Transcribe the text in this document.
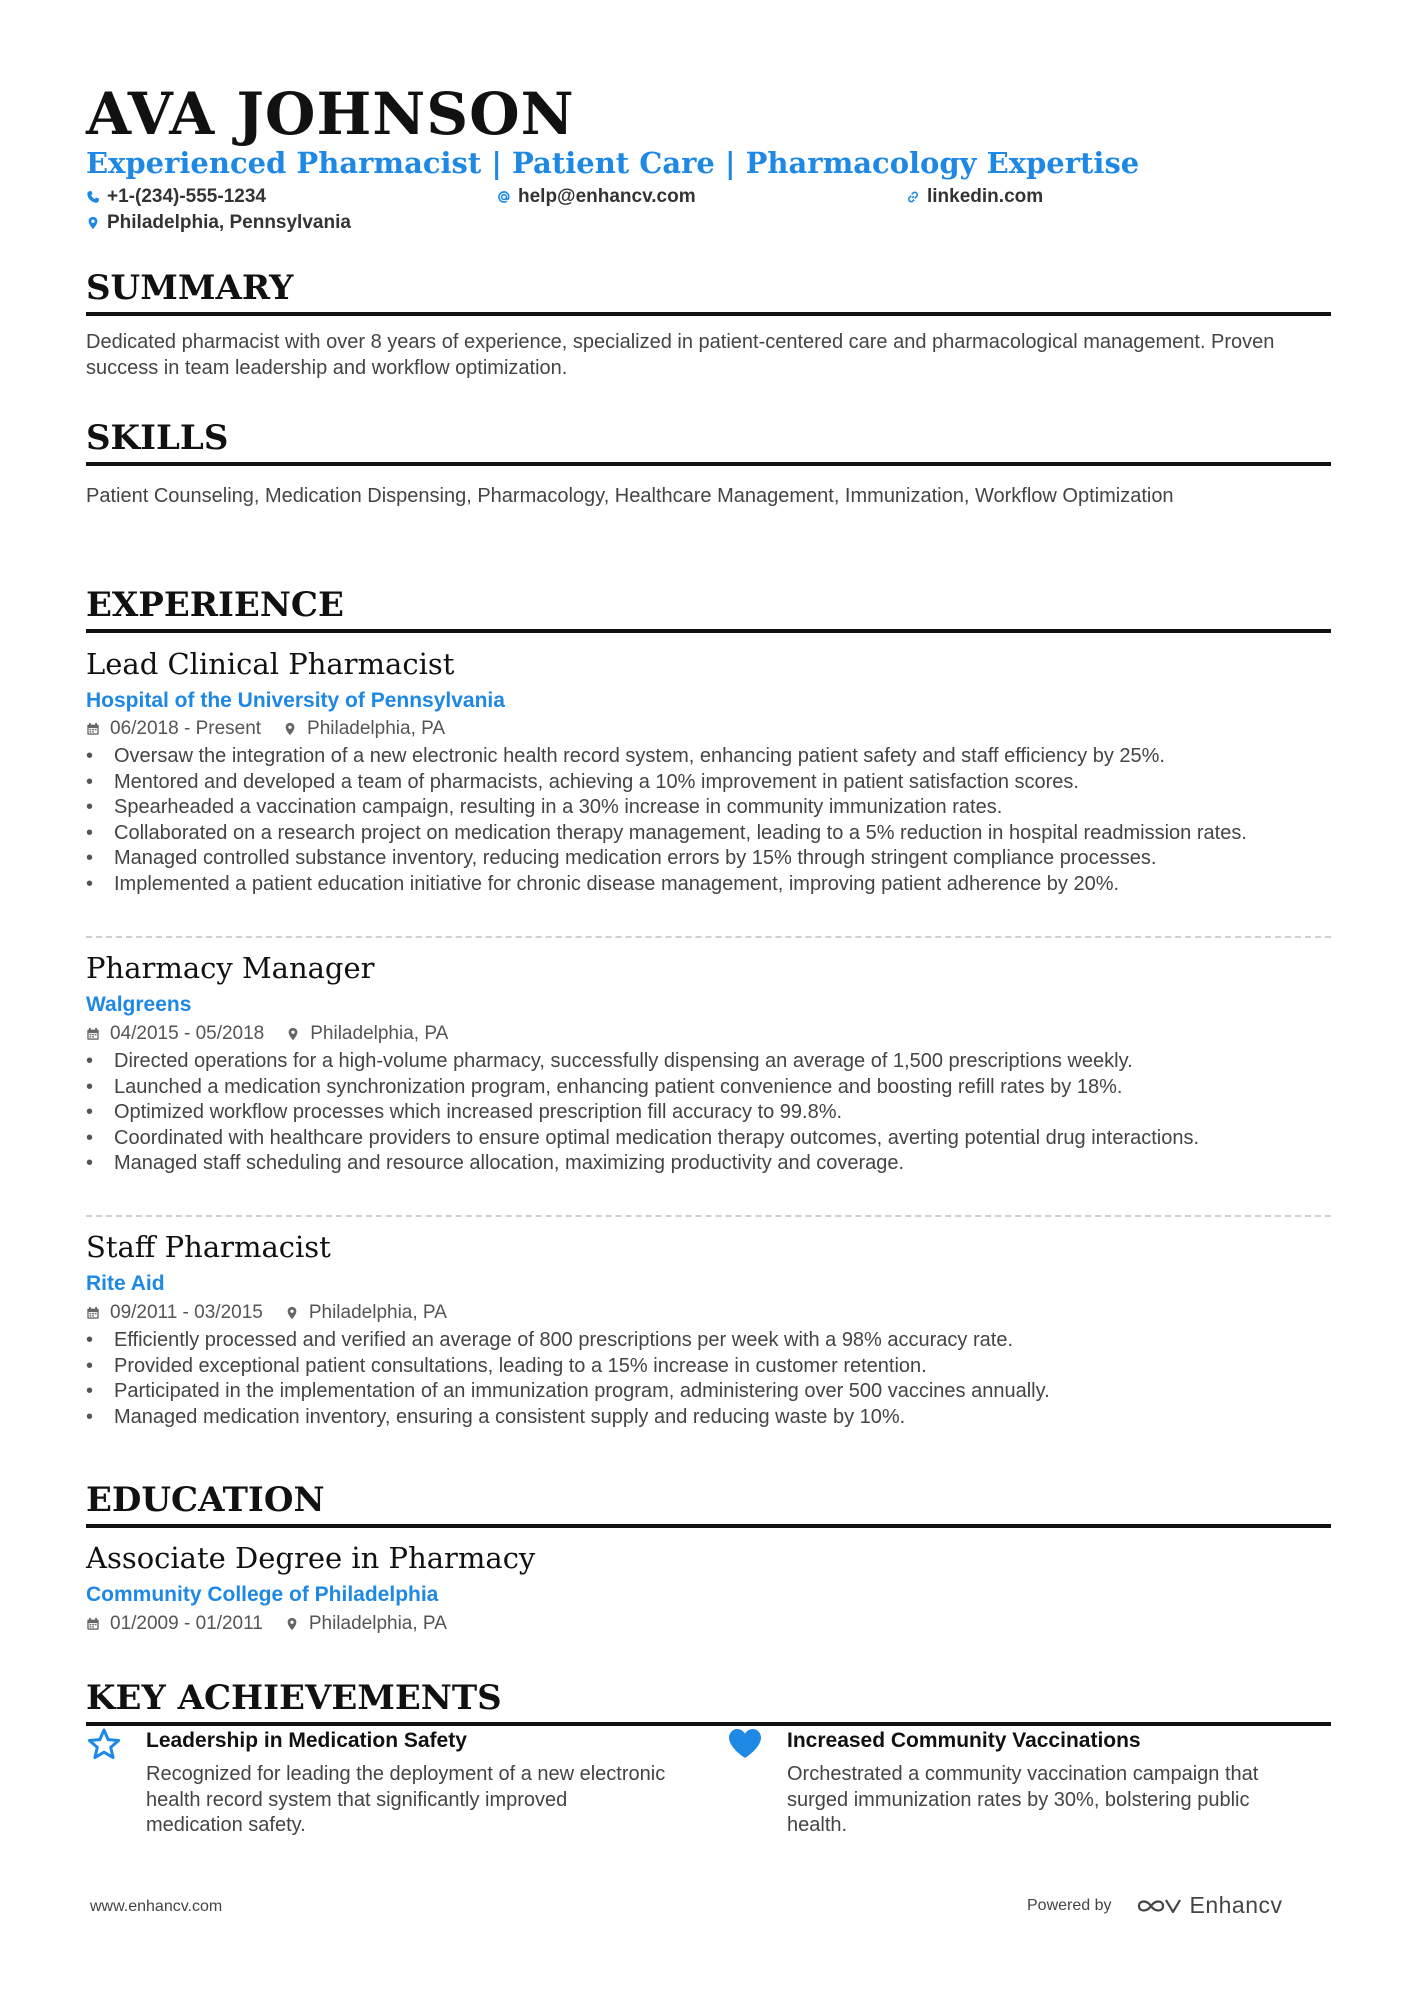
AVA JOHNSON
Experienced Pharmacist | Patient Care | Pharmacology Expertise
+1-(234)-555-1234	help@enhancv.com	linkedin.com
Philadelphia, Pennsylvania
SUMMARY

Dedicated pharmacist with over 8 years of experience, specialized in patient-centered care and pharmacological management. Proven success in team leadership and workflow optimization.

SKILLS

Patient Counseling, Medication Dispensing, Pharmacology, Healthcare Management, Immunization, Workflow Optimization

EXPERIENCE
Lead Clinical Pharmacist
Hospital of the University of Pennsylvania
06/2018 - Present Philadelphia, PA
• Oversaw the integration of a new electronic health record system, enhancing patient safety and staff efficiency by 25%.
• Mentored and developed a team of pharmacists, achieving a 10% improvement in patient satisfaction scores.
• Spearheaded a vaccination campaign, resulting in a 30% increase in community immunization rates.
• Collaborated on a research project on medication therapy management, leading to a 5% reduction in hospital readmission rates.
• Managed controlled substance inventory, reducing medication errors by 15% through stringent compliance processes.
• Implemented a patient education initiative for chronic disease management, improving patient adherence by 20%.
Pharmacy Manager
Walgreens
04/2015 - 05/2018 Philadelphia, PA
• Directed operations for a high-volume pharmacy, successfully dispensing an average of 1,500 prescriptions weekly.
• Launched a medication synchronization program, enhancing patient convenience and boosting refill rates by 18%.
• Optimized workflow processes which increased prescription fill accuracy to 99.8%.
• Coordinated with healthcare providers to ensure optimal medication therapy outcomes, averting potential drug interactions.
• Managed staff scheduling and resource allocation, maximizing productivity and coverage.
Staff Pharmacist
Rite Aid
09/2011 - 03/2015 Philadelphia, PA
• Efficiently processed and verified an average of 800 prescriptions per week with a 98% accuracy rate.
• Provided exceptional patient consultations, leading to a 15% increase in customer retention.
• Participated in the implementation of an immunization program, administering over 500 vaccines annually.
• Managed medication inventory, ensuring a consistent supply and reducing waste by 10%.
EDUCATION
Associate Degree in Pharmacy
Community College of Philadelphia
01/2009 - 01/2011 Philadelphia, PA
KEY ACHIEVEMENTS
Leadership in Medication Safety
Recognized for leading the deployment of a new electronic health record system that significantly improved medication safety.
Increased Community Vaccinations
Orchestrated a community vaccination campaign that surged immunization rates by 30%, bolstering public health.
www.enhancv.com	Powered by	Enhancv
